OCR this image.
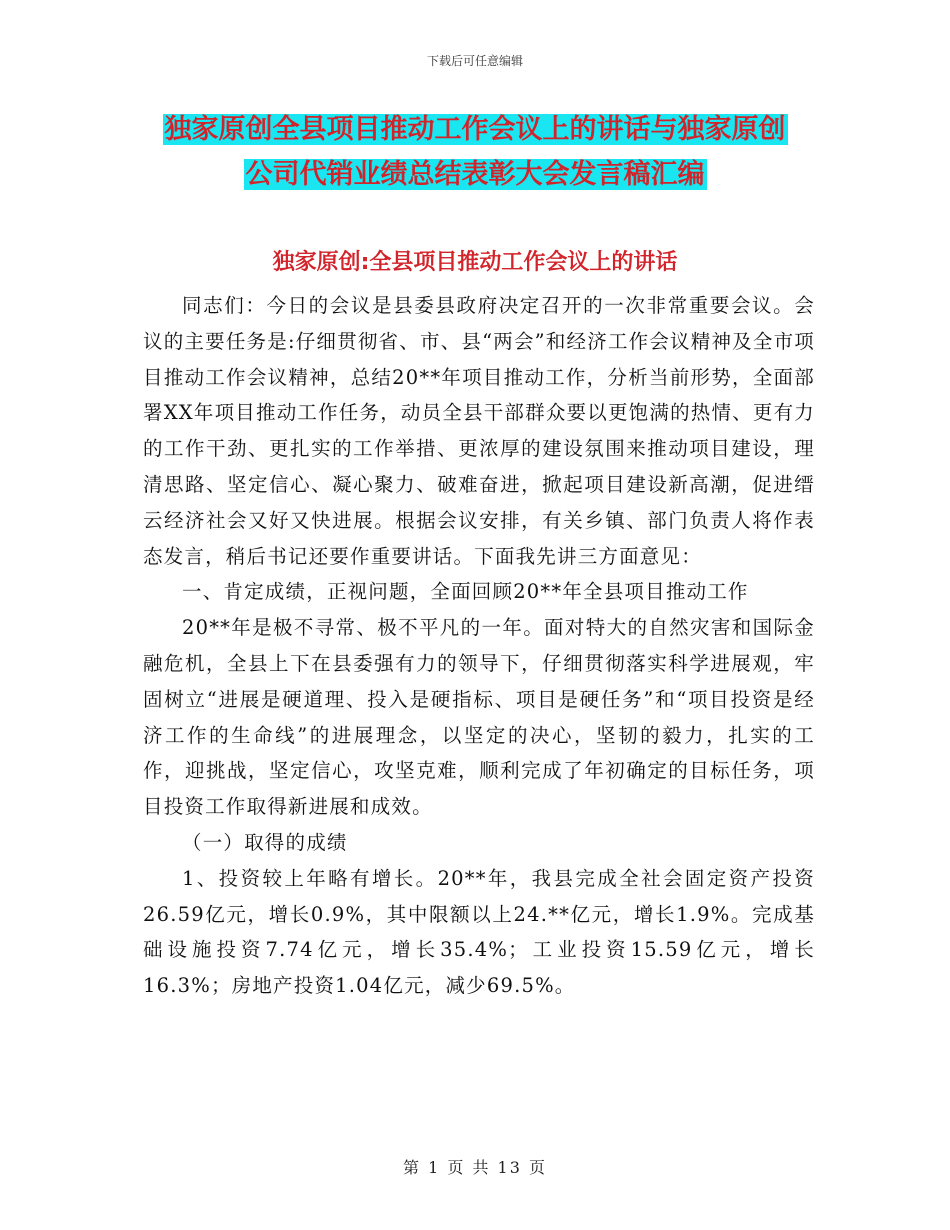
下载后可任意编辑
独家原创全县项目推动工作会议上的讲话与独家原创
公司代销业绩总结表彰大会发言稿汇编
独家原创:全县项目推动工作会议上的讲话

同志们：今日的会议是县委县政府决定召开的一次非常重要会议。会议的主要任务是:仔细贯彻省、市、县“两会”和经济工作会议精神及全市项目推动工作会议精神，总结20**年项目推动工作，分析当前形势，全面部署XX年项目推动工作任务，动员全县干部群众要以更饱满的热情、更有力的工作干劲、更扎实的工作举措、更浓厚的建设氛围来推动项目建设，理清思路、坚定信心、凝心聚力、破难奋进，掀起项目建设新高潮，促进缙云经济社会又好又快进展。根据会议安排，有关乡镇、部门负责人将作表态发言，稍后书记还要作重要讲话。下面我先讲三方面意见：

一、肯定成绩，正视问题，全面回顾20**年全县项目推动工作

20**年是极不寻常、极不平凡的一年。面对特大的自然灾害和国际金融危机，全县上下在县委强有力的领导下，仔细贯彻落实科学进展观，牢固树立“进展是硬道理、投入是硬指标、项目是硬任务”和“项目投资是经济工作的生命线”的进展理念，以坚定的决心，坚韧的毅力，扎实的工作，迎挑战，坚定信心，攻坚克难，顺利完成了年初确定的目标任务，项目投资工作取得新进展和成效。

（一）取得的成绩

1、投资较上年略有增长。20**年，我县完成全社会固定资产投资26.59亿元，增长0.9%，其中限额以上24.**亿元，增长1.9%。完成基础设施投资7.74亿元，增长35.4%；工业投资15.59亿元，增长16.3%；房地产投资1.04亿元，减少69.5%。

第 1 页 共 13 页
